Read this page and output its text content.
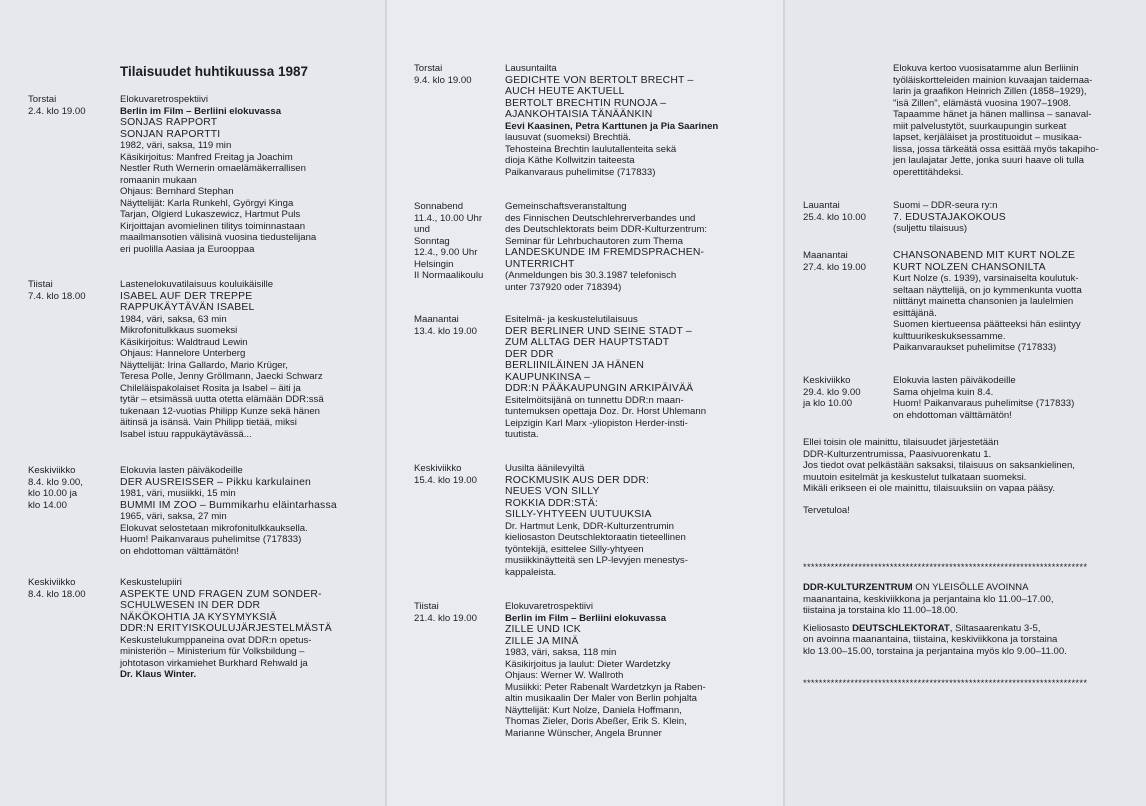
Tilaisuudet huhtikuussa 1987
Torstai
2.4. klo 19.00
Elokuvaretrospektiivi
Berlin im Film – Berliini elokuvassa
SONJAS RAPPORT
SONJAN RAPORTTI
1982, väri, saksa, 119 min
Käsikirjoitus: Manfred Freitag ja Joachim
Nestler Ruth Wernerin omaelämäkerrallisen
romaanin mukaan
Ohjaus: Bernhard Stephan
Näyttelijät: Karla Runkehl, Györgyi Kinga
Tarjan, Olgierd Lukaszewicz, Hartmut Puls
Kirjoittajan avomielinen tilitys toiminnastaan
maailmansotien välisinä vuosina tiedustelijana
eri puolilla Aasiaa ja Eurooppaa
Tiistai
7.4. klo 18.00
Lastenelokuvatilaisuus kouluikäisille
ISABEL AUF DER TREPPE
RAPPUKÄYTÄVÄN ISABEL
1984, väri, saksa, 63 min
Mikrofonitulkkaus suomeksi
Käsikirjoitus: Waldtraud Lewin
Ohjaus: Hannelore Unterberg
Näyttelijät: Irina Gallardo, Mario Krüger,
Teresa Polle, Jenny Gröllmann, Jaecki Schwarz
Chileläispakolaiset Rosita ja Isabel – äiti ja
tytär – etsimässä uutta otetta elämään DDR:ssä
tukenaan 12-vuotias Philipp Kunze sekä hänen
äitinsä ja isänsä. Vain Philipp tietää, miksi
Isabel istuu rappukäytävässä...
Keskiviikko
8.4. klo 9.00,
klo 10.00 ja
klo 14.00
Elokuvia lasten päiväkodeille
DER AUSREISSER – Pikku karkulainen
1981, väri, musiikki, 15 min
BUMMI IM ZOO – Bummikarhu eläintarhassa
1965, väri, saksa, 27 min
Elokuvat selostetaan mikrofonitulkkauksella.
Huom! Paikanvaraus puhelimitse (717833)
on ehdottoman välttämätön!
Keskiviikko
8.4. klo 18.00
Keskustelupiiri
ASPEKTE UND FRAGEN ZUM SONDER-
SCHULWESEN IN DER DDR
NÄKÖKOHTIA JA KYSYMYKSIÄ
DDR:N ERITYISKOULUJÄRJESTELMÄSTÄ
Keskustelukumppaneina ovat DDR:n opetus-
ministeriön – Ministerium für Volksbildung –
johtotason virkamiehet Burkhard Rehwald ja
Dr. Klaus Winter.
Torstai
9.4. klo 19.00
Lausuntailta
GEDICHTE VON BERTOLT BRECHT –
AUCH HEUTE AKTUELL
BERTOLT BRECHTIN RUNOJA –
AJANKOHTAISIA TÄNÄÄNKIN
Eevi Kaasinen, Petra Karttunen ja Pia Saarinen
lausuvat (suomeksi) Brechtiä.
Tehosteina Brechtin laulutallenteita sekä
dioja Käthe Kollwitzin taiteesta
Paikanvaraus puhelimitse (717833)
Sonnabend
11.4., 10.00 Uhr
und
Sonntag
12.4., 9.00 Uhr
Helsingin
II Normaalikoulu
Gemeinschaftsveranstaltung
des Finnischen Deutschlehrerverbandes und
des Deutschlektorats beim DDR-Kulturzentrum:
Seminar für Lehrbuchautoren zum Thema
LANDESKUNDE IM FREMDSPRACHEN-
UNTERRICHT
(Anmeldungen bis 30.3.1987 telefonisch
unter 737920 oder 718394)
Maanantai
13.4. klo 19.00
Esitelmä- ja keskustelutilaisuus
DER BERLINER UND SEINE STADT –
ZUM ALLTAG DER HAUPTSTADT
DER DDR
BERLIINILÄINEN JA HÄNEN
KAUPUNKINSA –
DDR:N PÄÄKAUPUNGIN ARKIPÄIVÄÄ
Esitelmöitsijänä on tunnettu DDR:n maan-
tuntemuksen opettaja Doz. Dr. Horst Uhlemann
Leipzigin Karl Marx -yliopiston Herder-insti-
tuutista.
Keskiviikko
15.4. klo 19.00
Uusilta äänilevyiltä
ROCKMUSIK AUS DER DDR:
NEUES VON SILLY
ROKKIA DDR:STÄ:
SILLY-YHTYEEN UUTUUKSIA
Dr. Hartmut Lenk, DDR-Kulturzentrumin
kieliosaston Deutschlektoraatin tieteellinen
työntekijä, esittelee Silly-yhtyeen
musiikkinäytteitä sen LP-levyjen menestys-
kappaleista.
Tiistai
21.4. klo 19.00
Elokuvaretrospektiivi
Berlin im Film – Berliini elokuvassa
ZILLE UND ICK
ZILLE JA MINÄ
1983, väri, saksa, 118 min
Käsikirjoitus ja laulut: Dieter Wardetzky
Ohjaus: Werner W. Wallroth
Musiikki: Peter Rabenalt Wardetzkyn ja Raben-
altin musikaalin Der Maler von Berlin pohjalta
Näyttelijät: Kurt Nolze, Daniela Hoffmann,
Thomas Zieler, Doris Abeßer, Erik S. Klein,
Marianne Wünscher, Angela Brunner
Elokuva kertoo vuosisatamme alun Berliinin
työläiskortteleiden mainion kuvaajan taidemaa-
larin ja graafikon Heinrich Zillen (1858–1929),
"isä Zillen", elämästä vuosina 1907–1908.
Tapaamme hänet ja hänen mallinsa – sanaval-
miit palvelustytöt, suurkaupungin surkeat
lapset, kerjäläiset ja prostituoidut – musikaa-
lissa, jossa tärkeätä ossa esittää myös takapiho-
jen laulajatar Jette, jonka suuri haave oli tulla
operettitähdeksi.
Lauantai
25.4. klo 10.00
Suomi – DDR-seura ry:n
7. EDUSTAJAKOKOUS
(suljettu tilaisuus)
Maanantai
27.4. klo 19.00
CHANSONABEND MIT KURT NOLZE
KURT NOLZEN CHANSONILTA
Kurt Nolze (s. 1939), varsinaiselta koulutuk-
seltaan näyttelijä, on jo kymmenkunta vuotta
niittänyt mainetta chansonien ja laulelmien
esittäjänä.
Suomen kiertueensa päätteeksi hän esiintyy
kulttuurikeskuksessamme.
Paikanvaraukset puhelimitse (717833)
Keskiviikko
29.4. klo 9.00
ja klo 10.00
Elokuvia lasten päiväkodeille
Sama ohjelma kuin 8.4.
Huom! Paikanvaraus puhelimitse (717833)
on ehdottoman välttämätön!
Ellei toisin ole mainittu, tilaisuudet järjestetään
DDR-Kulturzentrumissa, Paasivuorenkatu 1.
Jos tiedot ovat pelkästään saksaksi, tilaisuus on saksankielinen,
muutoin esitelmät ja keskustelut tulkataan suomeksi.
Mikäli erikseen ei ole mainittu, tilaisuuksiin on vapaa pääsy.
Tervetuloa!
************************************************************************
DDR-KULTURZENTRUM ON YLEISÖLLE AVOINNA
maanantaina, keskiviikkona ja perjantaina klo 11.00–17.00,
tiistaina ja torstaina klo 11.00–18.00.
Kieliosasto DEUTSCHLEKTORAT, Siltasaarenkatu 3-5,
on avoinna maanantaina, tiistaina, keskiviikkona ja torstaina
klo 13.00–15.00, torstaina ja perjantaina myös klo 9.00–11.00.
************************************************************************
